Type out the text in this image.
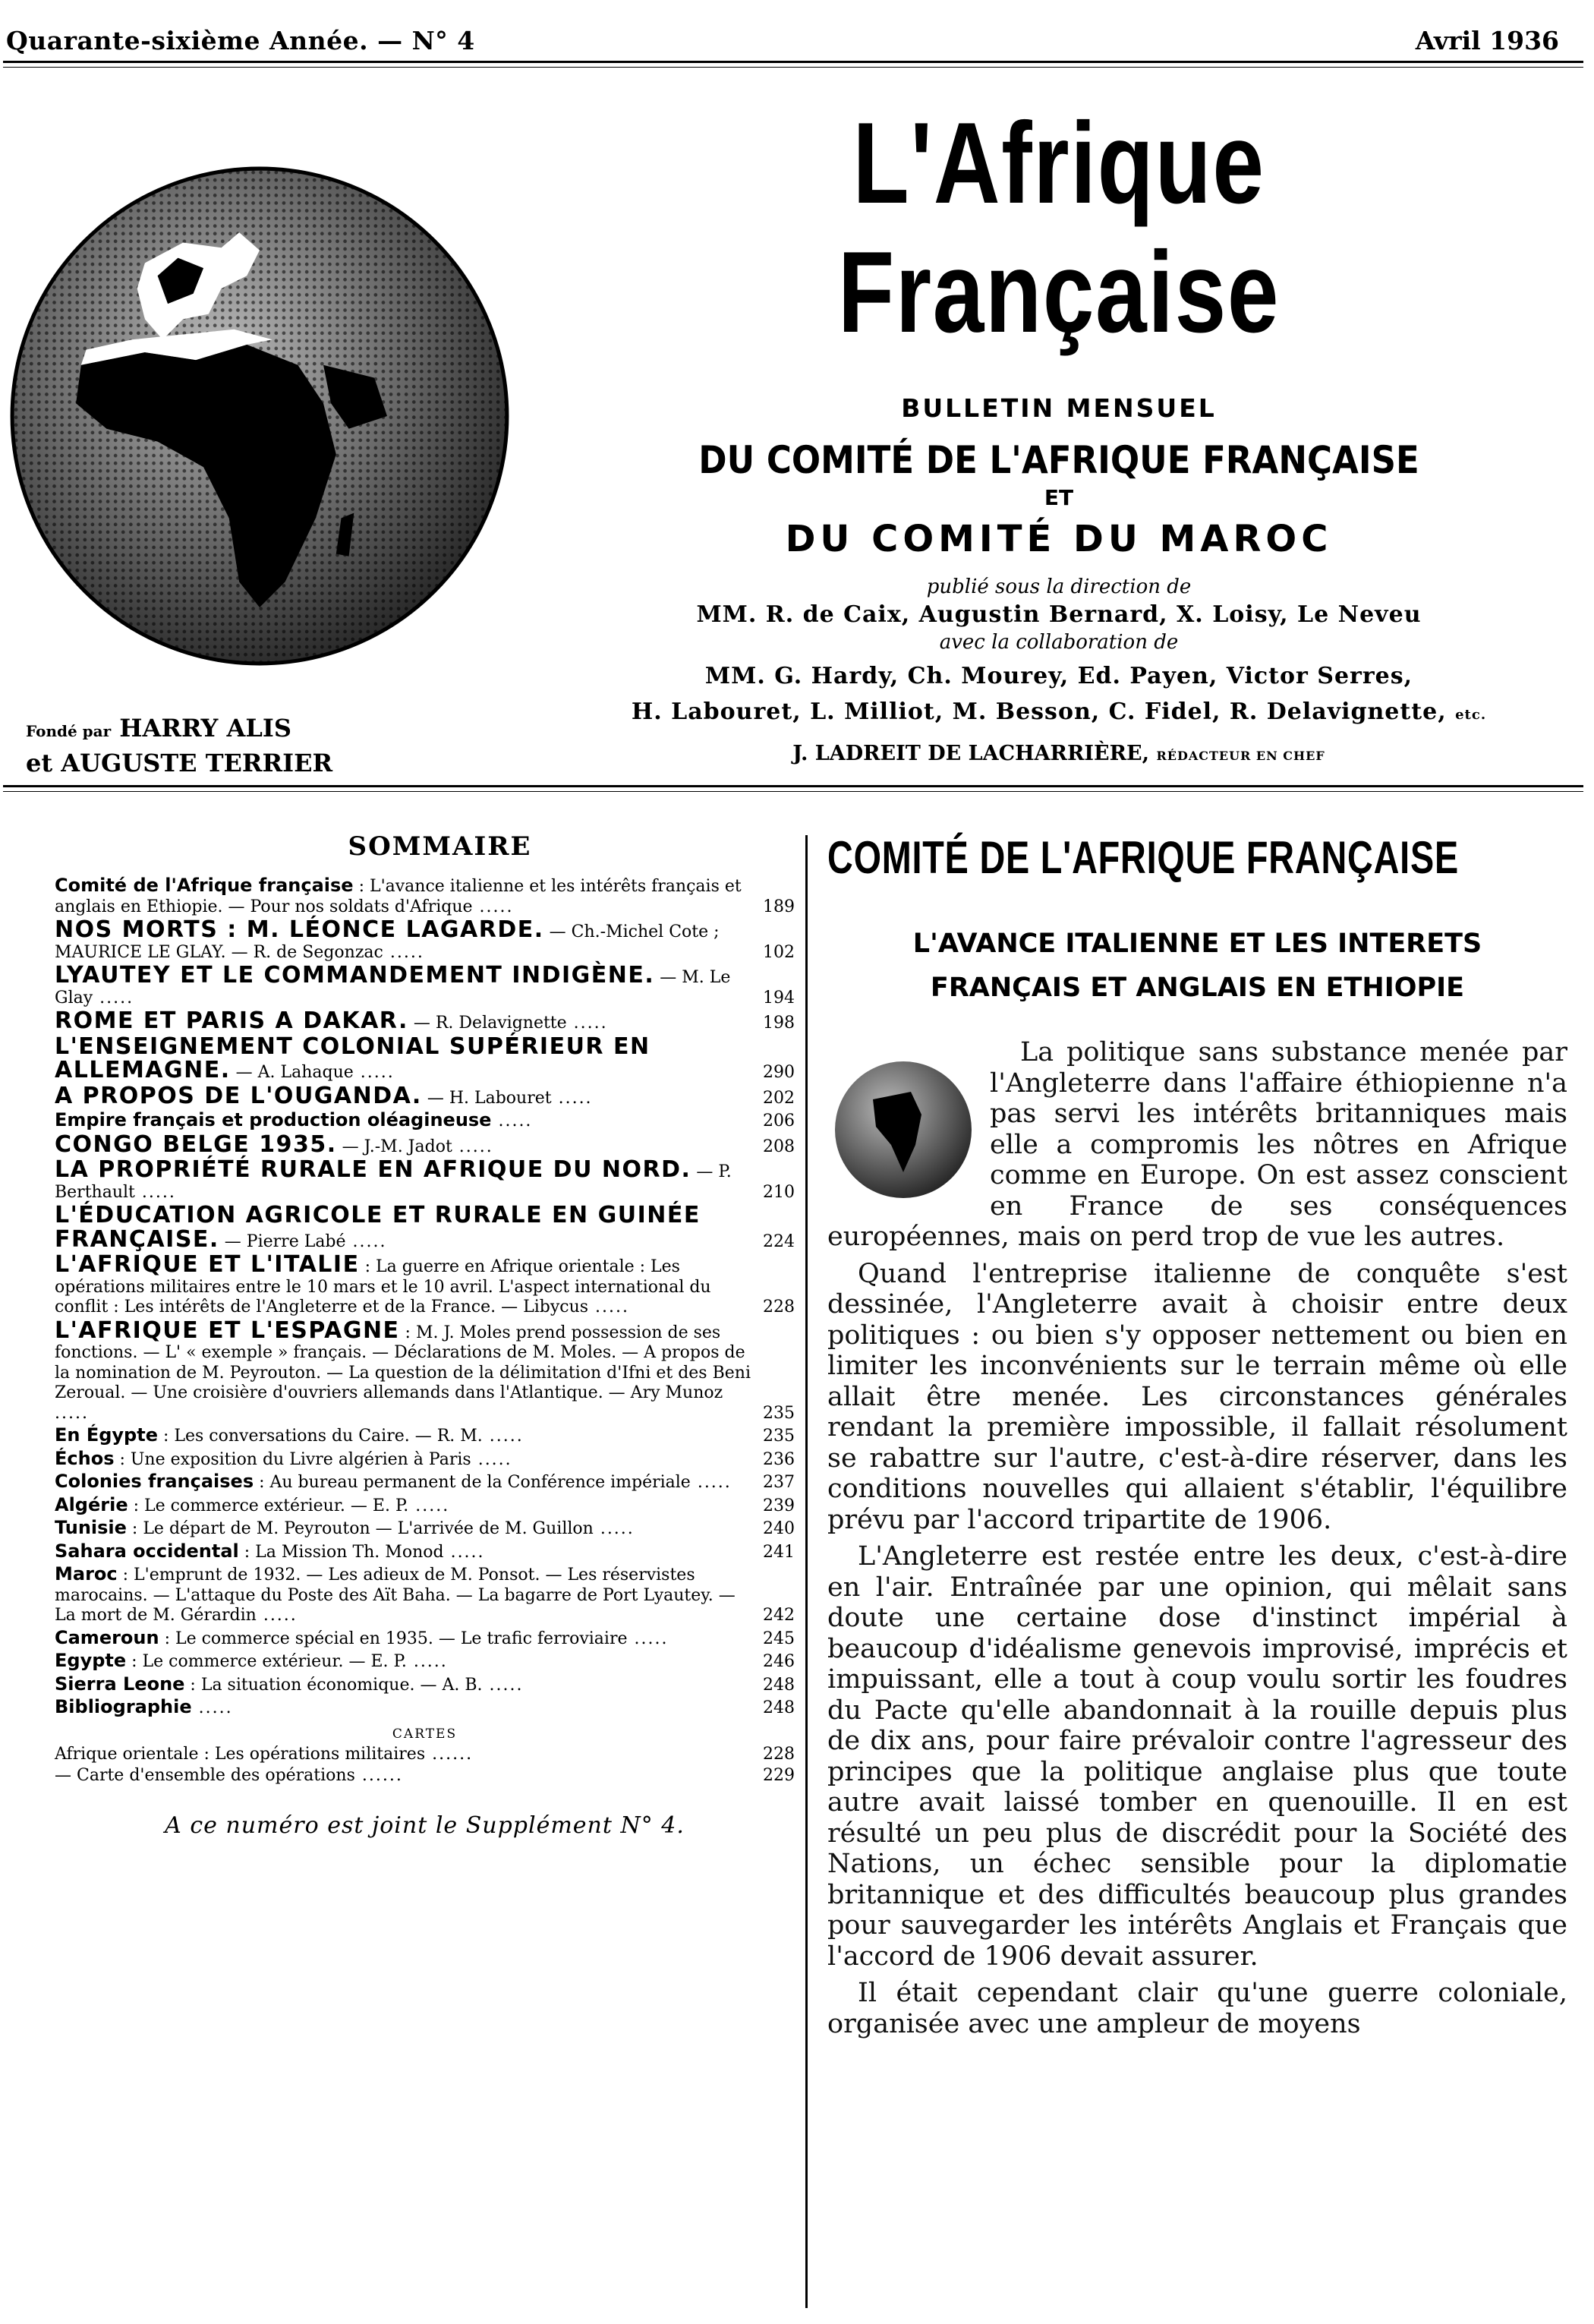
Quarante-sixième Année. — N° 4	Avril 1936
Fondé par HARRY ALIS
et AUGUSTE TERRIER
L'Afrique Française
BULLETIN MENSUEL
DU COMITÉ DE L'AFRIQUE FRANÇAISE
ET
DU COMITÉ DU MAROC
publié sous la direction de
MM. R. de Caix, Augustin Bernard, X. Loisy, Le Neveu
avec la collaboration de
MM. G. Hardy, Ch. Mourey, Ed. Payen, Victor Serres,
H. Labouret, L. Milliot, M. Besson, C. Fidel, R. Delavignette, etc.
J. LADREIT DE LACHARRIÈRE, RÉDACTEUR EN CHEF
SOMMAIRE
Comité de l'Afrique française : L'avance italienne et les intérêts français et anglais en Ethiopie. — Pour nos soldats d'Afrique .....	189
NOS MORTS : M. LÉONCE LAGARDE. — Ch.-Michel Cote ; MAURICE LE GLAY. — R. de Segonzac .....	102
LYAUTEY ET LE COMMANDEMENT INDIGÈNE. — M. Le Glay .....	194
ROME ET PARIS A DAKAR. — R. Delavignette .....	198
L'ENSEIGNEMENT COLONIAL SUPÉRIEUR EN ALLEMAGNE. — A. Lahaque .....	290
A PROPOS DE L'OUGANDA. — H. Labouret .....	202
Empire français et production oléagineuse .....	206
CONGO BELGE 1935. — J.-M. Jadot .....	208
LA PROPRIÉTÉ RURALE EN AFRIQUE DU NORD. — P. Berthault .....	210
L'ÉDUCATION AGRICOLE ET RURALE EN GUINÉE FRANÇAISE. — Pierre Labé .....	224
L'AFRIQUE ET L'ITALIE : La guerre en Afrique orientale : Les opérations militaires entre le 10 mars et le 10 avril. L'aspect international du conflit : Les intérêts de l'Angleterre et de la France. — Libycus .....	228
L'AFRIQUE ET L'ESPAGNE : M. J. Moles prend possession de ses fonctions. — L' « exemple » français. — Déclarations de M. Moles. — A propos de la nomination de M. Peyrouton. — La question de la délimitation d'Ifni et des Beni Zeroual. — Une croisière d'ouvriers allemands dans l'Atlantique. — Ary Munoz .....	235
En Égypte : Les conversations du Caire. — R. M. .....	235
Échos : Une exposition du Livre algérien à Paris .....	236
Colonies françaises : Au bureau permanent de la Conférence impériale ..... 237
Algérie : Le commerce extérieur. — E. P. .....	239
Tunisie : Le départ de M. Peyrouton — L'arrivée de M. Guillon .....	240
Sahara occidental : La Mission Th. Monod .....	241
Maroc : L'emprunt de 1932. — Les adieux de M. Ponsot. — Les réservistes marocains. — L'attaque du Poste des Aït Baha. — La bagarre de Port Lyautey. — La mort de M. Gérardin .....	242
Cameroun : Le commerce spécial en 1935. — Le trafic ferroviaire .....	245
Egypte : Le commerce extérieur. — E. P. .....	246
Sierra Leone : La situation économique. — A. B. .....	248
Bibliographie .....	248
CARTES
Afrique orientale : Les opérations militaires ......	228
— Carte d'ensemble des opérations ......	229
A ce numéro est joint le Supplément N° 4.
COMITÉ DE L'AFRIQUE FRANÇAISE
L'AVANCE ITALIENNE ET LES INTERETS
FRANÇAIS ET ANGLAIS EN ETHIOPIE

La politique sans substance menée par l'Angleterre dans l'affaire éthiopienne n'a pas servi les intérêts britanniques mais elle a compromis les nôtres en Afrique comme en Europe. On est assez conscient en France de ses conséquences européennes, mais on perd trop de vue les autres.

Quand l'entreprise italienne de conquête s'est dessinée, l'Angleterre avait à choisir entre deux politiques : ou bien s'y opposer nettement ou bien en limiter les inconvénients sur le terrain même où elle allait être menée. Les circonstances générales rendant la première impossible, il fallait résolument se rabattre sur l'autre, c'est-à-dire réserver, dans les conditions nouvelles qui allaient s'établir, l'équilibre prévu par l'accord tripartite de 1906.

L'Angleterre est restée entre les deux, c'est-à-dire en l'air. Entraînée par une opinion, qui mêlait sans doute une certaine dose d'instinct impérial à beaucoup d'idéalisme genevois improvisé, imprécis et impuissant, elle a tout à coup voulu sortir les foudres du Pacte qu'elle abandonnait à la rouille depuis plus de dix ans, pour faire prévaloir contre l'agresseur des principes que la politique anglaise plus que toute autre avait laissé tomber en quenouille. Il en est résulté un peu plus de discrédit pour la Société des Nations, un échec sensible pour la diplomatie britannique et des difficultés beaucoup plus grandes pour sauvegarder les intérêts Anglais et Français que l'accord de 1906 devait assurer.

Il était cependant clair qu'une guerre coloniale, organisée avec une ampleur de moyens
